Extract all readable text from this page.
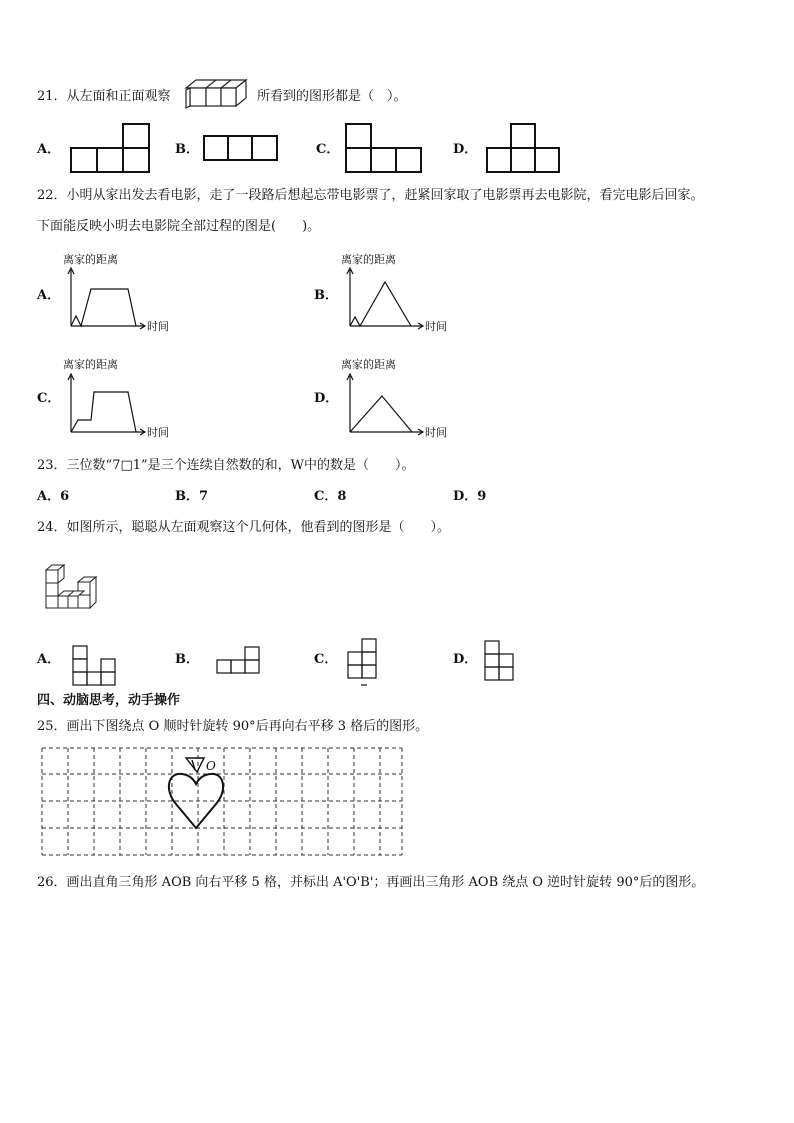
21．从左面和正面观察	所看到的图形都是（　）。
A．	B．	C．	D．
22．小明从家出发去看电影，走了一段路后想起忘带电影票了，赶紧回家取了电影票再去电影院，看完电影后回家。
下面能反映小明去电影院全部过程的图是(　　)。
A．
离家的距离
时间
B．
离家的距离
时间
C．
离家的距离
时间
D．
离家的距离
时间
23．三位数“7□1”是三个连续自然数的和，W中的数是（　　）。
A．6	B．7	C．8	D．9
24．如图所示，聪聪从左面观察这个几何体，他看到的图形是（　　）。
A．	B．	C．	D．
四、动脑思考，动手操作
25．画出下图绕点 O 顺时针旋转 90°后再向右平移 3 格后的图形。
O
26．画出直角三角形 AOB 向右平移 5 格，并标出 A'O'B'；再画出三角形 AOB 绕点 O 逆时针旋转 90°后的图形。
